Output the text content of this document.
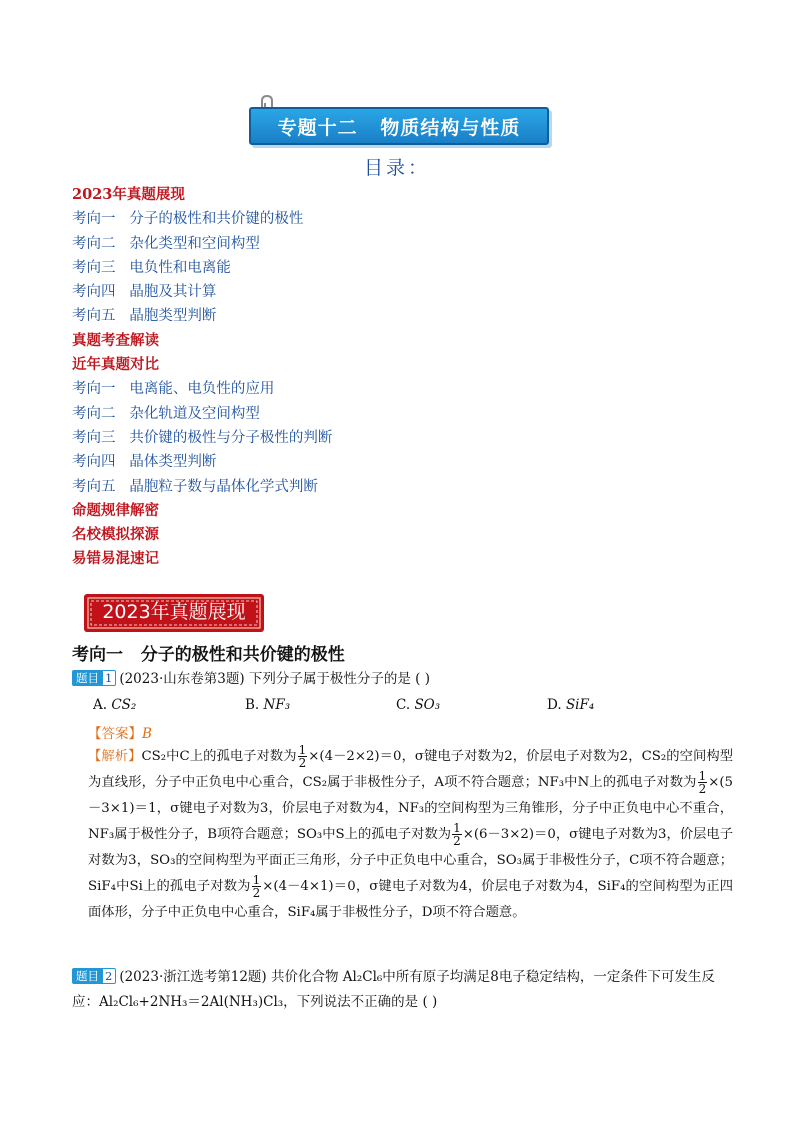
专题十二   物质结构与性质
目录：
2023年真题展现
考向一   分子的极性和共价键的极性
考向二   杂化类型和空间构型
考向三   电负性和电离能
考向四   晶胞及其计算
考向五   晶胞类型判断
真题考查解读
近年真题对比
考向一   电离能、电负性的应用
考向二   杂化轨道及空间构型
考向三   共价键的极性与分子极性的判断
考向四   晶体类型判断
考向五   晶胞粒子数与晶体化学式判断
命题规律解密
名校模拟探源
易错易混速记
2023年真题展现
考向一   分子的极性和共价键的极性
题目 1 (2023·山东卷第3题) 下列分子属于极性分子的是 ( )
A. CS₂	B. NF₃	C. SO₃	D. SiF₄
【答案】B
【解析】CS₂中C上的孤电子对数为 $\frac{1}{2} \times(4-2\times 2)=0$，σ键电子对数为2，价层电子对数为2，CS₂的空间构型为直线形，分子中正负电中心重合，CS₂属于非极性分子，A项不符合题意；NF₃中N上的孤电子对数为 $\frac{1}{2} \times(5-3\times 1)=1$，σ键电子对数为3，价层电子对数为4，NF₃的空间构型为三角锥形，分子中正负电中心不重合，NF₃属于极性分子，B项符合题意；SO₃中S上的孤电子对数为 $\frac{1}{2} \times(6-3\times 2)=0$，σ键电子对数为3，价层电子对数为3，SO₃的空间构型为平面正三角形，分子中正负电中心重合，SO₃属于非极性分子，C项不符合题意；SiF₄中Si上的孤电子对数为 $\frac{1}{2} \times(4-4\times 1)=0$，σ键电子对数为4，价层电子对数为4，SiF₄的空间构型为正四面体形，分子中正负电中心重合，SiF₄属于非极性分子，D项不符合题意。
题目 2 (2023·浙江选考第12题) 共价化合物 Al₂Cl₆中所有原子均满足8电子稳定结构，一定条件下可发生反应：Al₂Cl₆+2NH₃＝2Al(NH₃)Cl₃，下列说法不正确的是 ( )
